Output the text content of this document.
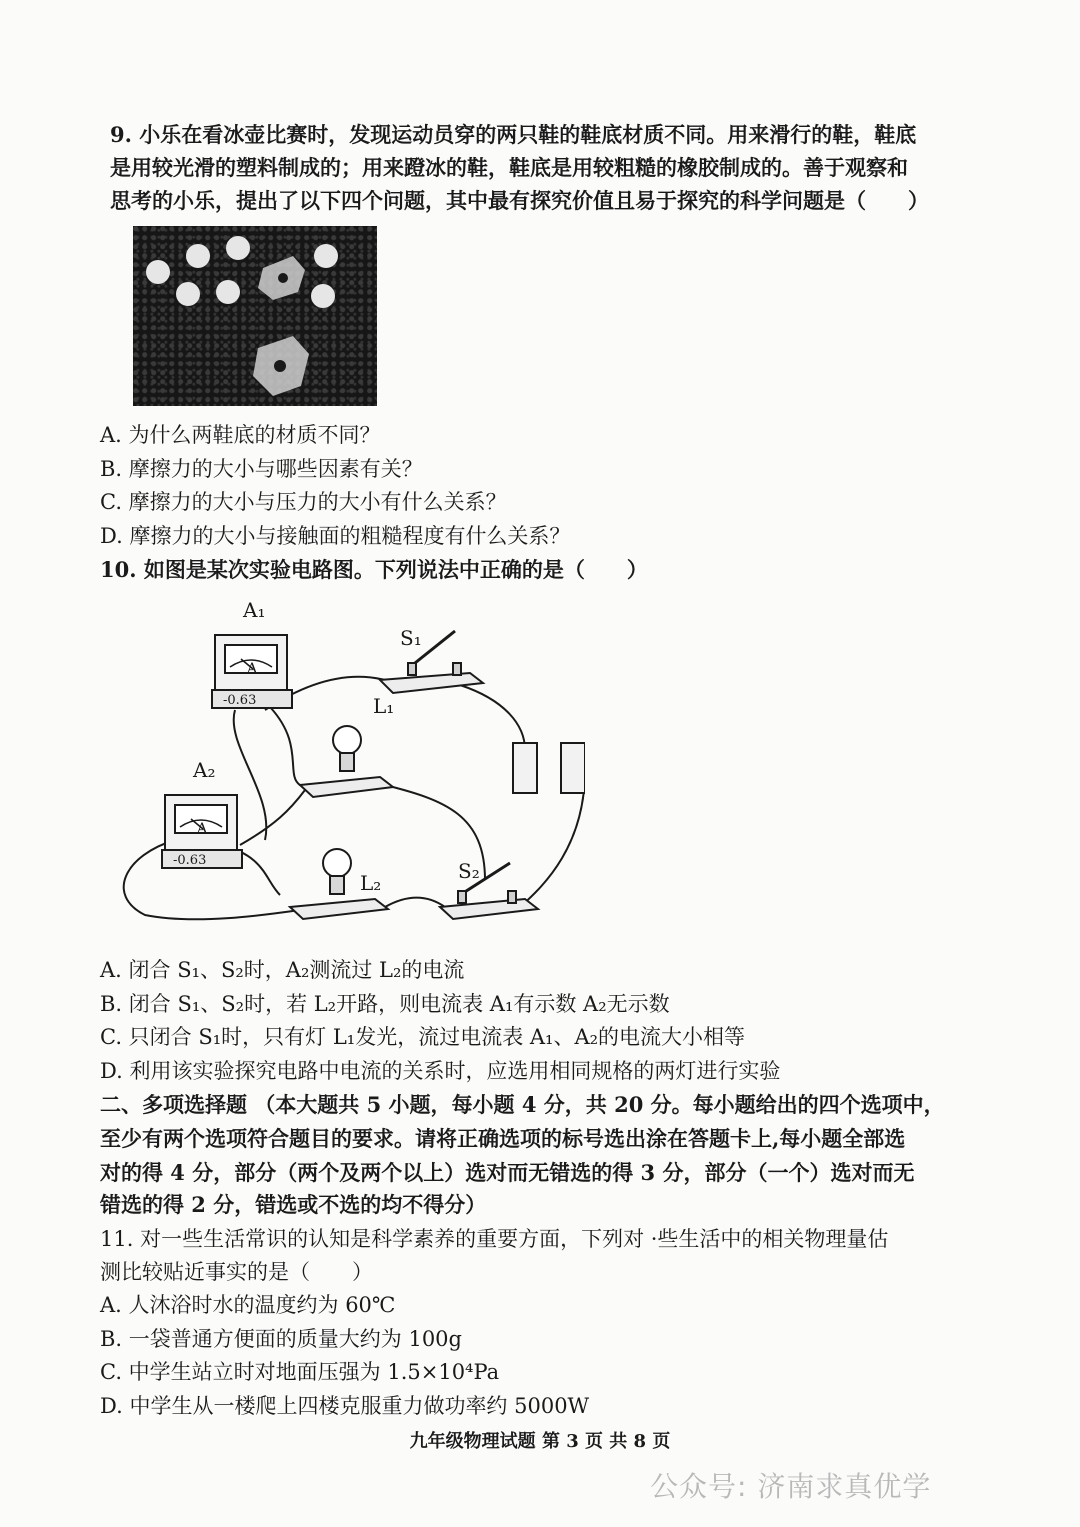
9. 小乐在看冰壶比赛时，发现运动员穿的两只鞋的鞋底材质不同。用来滑行的鞋，鞋底
是用较光滑的塑料制成的；用来蹬冰的鞋，鞋底是用较粗糙的橡胶制成的。善于观察和
思考的小乐，提出了以下四个问题，其中最有探究价值且易于探究的科学问题是（　　）
A. 为什么两鞋底的材质不同？
B. 摩擦力的大小与哪些因素有关？
C. 摩擦力的大小与压力的大小有什么关系？
D. 摩擦力的大小与接触面的粗糙程度有什么关系？
10. 如图是某次实验电路图。下列说法中正确的是（　　）
A₁
A₂
S₁
S₂
L₁
L₂
A
A
-0.63
-0.63
A. 闭合 S₁、S₂时，A₂测流过 L₂的电流
B. 闭合 S₁、S₂时，若 L₂开路，则电流表 A₁有示数 A₂无示数
C. 只闭合 S₁时，只有灯 L₁发光，流过电流表 A₁、A₂的电流大小相等
D. 利用该实验探究电路中电流的关系时，应选用相同规格的两灯进行实验
二、多项选择题 （本大题共 5 小题，每小题 4 分，共 20 分。每小题给出的四个选项中，
至少有两个选项符合题目的要求。请将正确选项的标号选出涂在答题卡上,每小题全部选
对的得 4 分，部分（两个及两个以上）选对而无错选的得 3 分，部分（一个）选对而无
错选的得 2 分，错选或不选的均不得分）
11. 对一些生活常识的认知是科学素养的重要方面，下列对 ·些生活中的相关物理量估
测比较贴近事实的是（　　）
A. 人沐浴时水的温度约为 60℃
B. 一袋普通方便面的质量大约为 100g
C. 中学生站立时对地面压强为 1.5×10⁴Pa
D. 中学生从一楼爬上四楼克服重力做功率约 5000W
九年级物理试题 第 3 页 共 8 页
公众号: 济南求真优学
